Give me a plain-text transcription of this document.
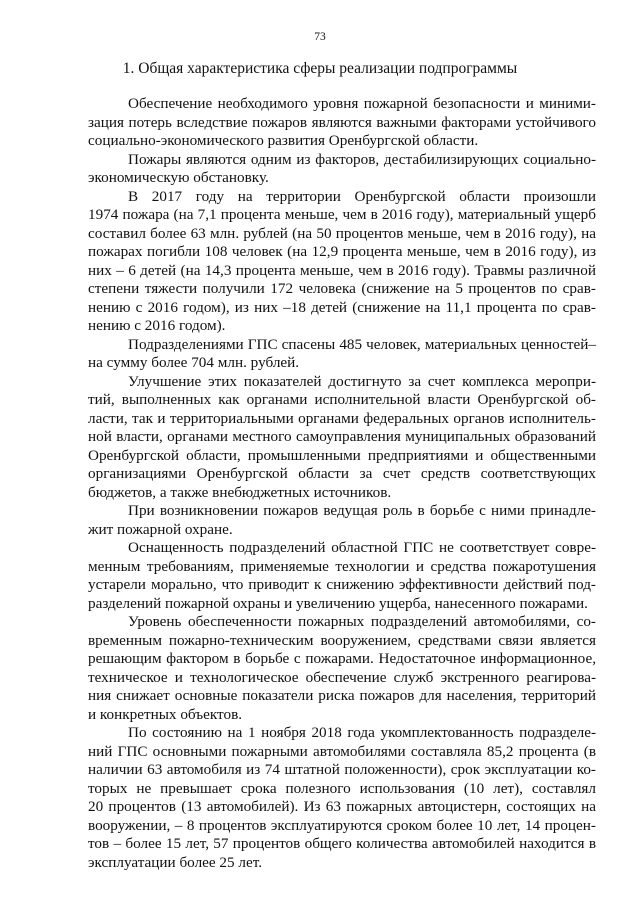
73
1. Общая характеристика сферы реализации подпрограммы
Обеспечение необходимого уровня пожарной безопасности и миними-
зация потерь вследствие пожаров являются важными факторами устойчивого
социально-экономического развития Оренбургской области.
Пожары являются одним из факторов, дестабилизирующих социально-
экономическую обстановку.
В 2017 году на территории Оренбургской области произошли
1974 пожара (на 7,1 процента меньше, чем в 2016 году), материальный ущерб
составил более 63 млн. рублей (на 50 процентов меньше, чем в 2016 году), на
пожарах погибли 108 человек (на 12,9 процента меньше, чем в 2016 году), из
них – 6 детей (на 14,3 процента меньше, чем в 2016 году). Травмы различной
степени тяжести получили 172 человека (снижение на 5 процентов по срав-
нению с 2016 годом), из них –18 детей (снижение на 11,1 процента по срав-
нению с 2016 годом).
Подразделениями ГПС спасены 485 человек, материальных ценностей–
на сумму более 704 млн. рублей.
Улучшение этих показателей достигнуто за счет комплекса меропри-
тий, выполненных как органами исполнительной власти Оренбургской об-
ласти, так и территориальными органами федеральных органов исполнитель-
ной власти, органами местного самоуправления муниципальных образований
Оренбургской области, промышленными предприятиями и общественными
организациями Оренбургской области за счет средств соответствующих
бюджетов, а также внебюджетных источников.
При возникновении пожаров ведущая роль в борьбе с ними принадле-
жит пожарной охране.
Оснащенность подразделений областной ГПС не соответствует совре-
менным требованиям, применяемые технологии и средства пожаротушения
устарели морально, что приводит к снижению эффективности действий под-
разделений пожарной охраны и увеличению ущерба, нанесенного пожарами.
Уровень обеспеченности пожарных подразделений автомобилями, со-
временным пожарно-техническим вооружением, средствами связи является
решающим фактором в борьбе с пожарами. Недостаточное информационное,
техническое и технологическое обеспечение служб экстренного реагирова-
ния снижает основные показатели риска пожаров для населения, территорий
и конкретных объектов.
По состоянию на 1 ноября 2018 года укомплектованность подразделе-
ний ГПС основными пожарными автомобилями составляла 85,2 процента (в
наличии 63 автомобиля из 74 штатной положенности), срок эксплуатации ко-
торых не превышает срока полезного использования (10 лет), составлял
20 процентов (13 автомобилей). Из 63 пожарных автоцистерн, состоящих на
вооружении, – 8 процентов эксплуатируются сроком более 10 лет, 14 процен-
тов – более 15 лет, 57 процентов общего количества автомобилей находится в
эксплуатации более 25 лет.
